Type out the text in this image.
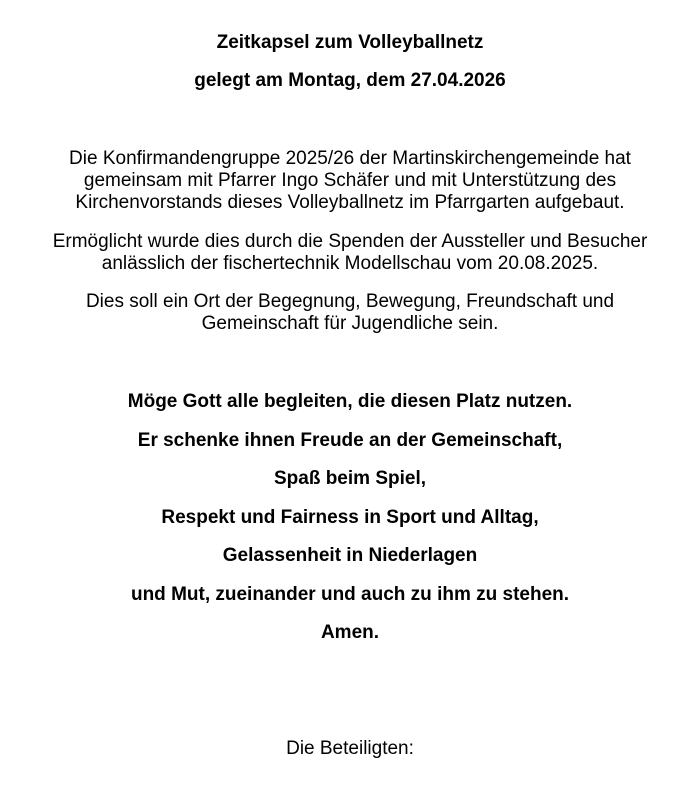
Zeitkapsel zum Volleyballnetz

gelegt am Montag, dem 27.04.2026

Die Konfirmandengruppe 2025/26 der Martinskirchengemeinde hat
gemeinsam mit Pfarrer Ingo Schäfer und mit Unterstützung des
Kirchenvorstands dieses Volleyballnetz im Pfarrgarten aufgebaut.
Ermöglicht wurde dies durch die Spenden der Aussteller und Besucher
anlässlich der fischertechnik Modellschau vom 20.08.2025.
Dies soll ein Ort der Begegnung, Bewegung, Freundschaft und
Gemeinschaft für Jugendliche sein.

Möge Gott alle begleiten, die diesen Platz nutzen.

Er schenke ihnen Freude an der Gemeinschaft,

Spaß beim Spiel,

Respekt und Fairness in Sport und Alltag,

Gelassenheit in Niederlagen

und Mut, zueinander und auch zu ihm zu stehen.

Amen.

Die Beteiligten:
